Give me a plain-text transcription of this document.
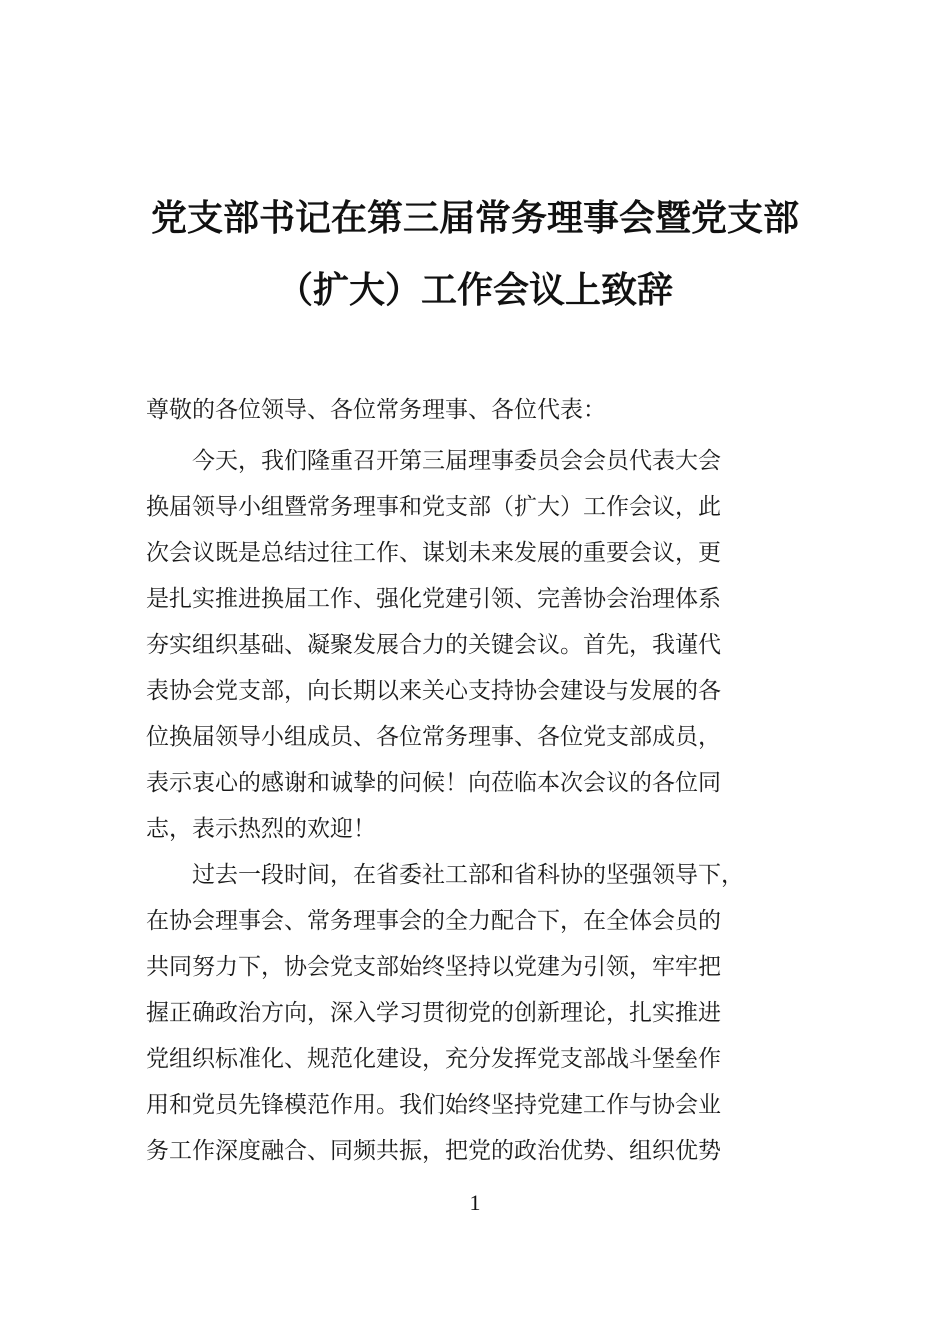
党支部书记在第三届常务理事会暨党支部
（扩大）工作会议上致辞
尊敬的各位领导、各位常务理事、各位代表：
今天，我们隆重召开第三届理事委员会会员代表大会
换届领导小组暨常务理事和党支部（扩大）工作会议，此
次会议既是总结过往工作、谋划未来发展的重要会议，更
是扎实推进换届工作、强化党建引领、完善协会治理体系
夯实组织基础、凝聚发展合力的关键会议。首先，我谨代
表协会党支部，向长期以来关心支持协会建设与发展的各
位换届领导小组成员、各位常务理事、各位党支部成员，
表示衷心的感谢和诚挚的问候！向莅临本次会议的各位同
志，表示热烈的欢迎！
过去一段时间，在省委社工部和省科协的坚强领导下，
在协会理事会、常务理事会的全力配合下，在全体会员的
共同努力下，协会党支部始终坚持以党建为引领，牢牢把
握正确政治方向，深入学习贯彻党的创新理论，扎实推进
党组织标准化、规范化建设，充分发挥党支部战斗堡垒作
用和党员先锋模范作用。我们始终坚持党建工作与协会业
务工作深度融合、同频共振，把党的政治优势、组织优势
1
